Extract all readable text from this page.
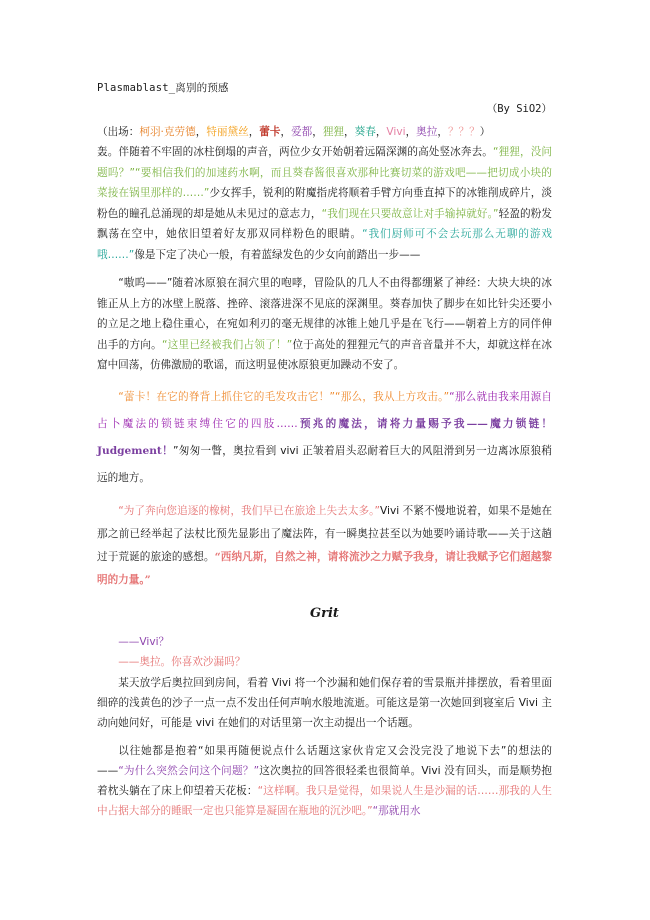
Plasmablast_离别的预感
（By SiO2）

（出场：柯羽·克劳德，特丽黛丝，蕾卡，爱都，狸狸，葵春，Vivi，奥拉，？？？）

轰。伴随着不牢固的冰柱倒塌的声音，两位少女开始朝着远隔深渊的高处竖冰奔去。“狸狸，没问题吗？”“要相信我们的加速药水啊，而且葵春酱很喜欢那种比赛切菜的游戏吧——把切成小块的菜接在锅里那样的……”少女挥手，锐利的附魔指虎将顺着手臂方向垂直掉下的冰锥削成碎片，淡粉色的瞳孔总涌现的却是她从未见过的意志力，“我们现在只要故意让对手输掉就好。”轻盈的粉发飘荡在空中，她依旧望着好友那双同样粉色的眼睛。“我们厨师可不会去玩那么无聊的游戏哦……”像是下定了决心一般，有着蓝绿发色的少女向前踏出一步——

“嗷呜——”随着冰原狼在洞穴里的咆哮，冒险队的几人不由得都绷紧了神经：大块大块的冰锥正从上方的冰壁上脱落、挫碎、滚落进深不见底的深渊里。葵春加快了脚步在如比针尖还要小的立足之地上稳住重心，在宛如利刃的毫无规律的冰锥上她几乎是在飞行——朝着上方的同伴伸出手的方向。“这里已经被我们占领了！”位于高处的狸狸元气的声音音量并不大，却就这样在冰窟中回荡，仿佛激励的歌谣，而这明显使冰原狼更加躁动不安了。

“蕾卡！在它的脊背上抓住它的毛发攻击它！”“那么，我从上方攻击。”“那么就由我来用源自占卜魔法的锁链束缚住它的四肢……预兆的魔法，请将力量赐予我——魔力锁链！Judgement！”匆匆一瞥，奥拉看到 vivi 正皱着眉头忍耐着巨大的风阻滑到另一边离冰原狼稍远的地方。

“为了奔向您追逐的橡树，我们早已在旅途上失去太多。”Vivi 不紧不慢地说着，如果不是她在那之前已经举起了法杖比预先显影出了魔法阵，有一瞬奥拉甚至以为她要吟诵诗歌——关于这趟过于荒诞的旅途的感想。“西纳凡斯，自然之神，请将流沙之力赋予我身，请让我赋予它们超越黎明的力量。”

Grit
——Vivi？
——奥拉。你喜欢沙漏吗？

某天放学后奥拉回到房间，看着 Vivi 将一个沙漏和她们保存着的雪景瓶并排摆放，看着里面细碎的浅黄色的沙子一点一点不发出任何声响水般地流逝。可能这是第一次她回到寝室后 Vivi 主动向她问好，可能是 vivi 在她们的对话里第一次主动提出一个话题。

以往她都是抱着“如果再随便说点什么话题这家伙肯定又会没完没了地说下去”的想法的——“为什么突然会问这个问题？”这次奥拉的回答很轻柔也很简单。Vivi 没有回头，而是顺势抱着枕头躺在了床上仰望着天花板：“这样啊。我只是觉得，如果说人生是沙漏的话……那我的人生中占据大部分的睡眠一定也只能算是凝固在瓶地的沉沙吧。”“那就用水
